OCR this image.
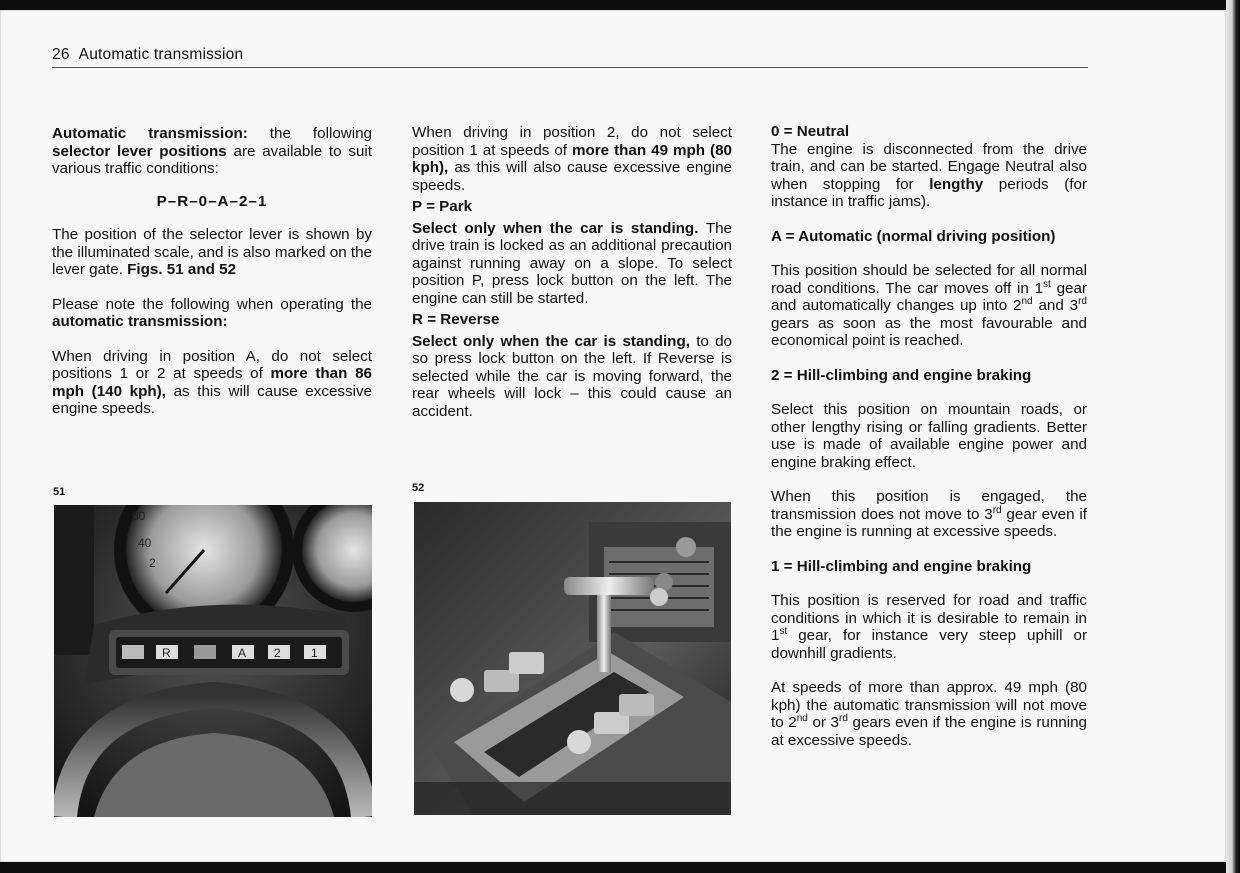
26 Automatic transmission

Automatic transmission: the following selector lever positions are available to suit various traffic conditions:

P–R–0–A–2–1

The position of the selector lever is shown by the illuminated scale, and is also marked on the lever gate. Figs. 51 and 52

Please note the following when operating the automatic transmission:

When driving in position A, do not select positions 1 or 2 at speeds of more than 86 mph (140 kph), as this will cause excessive engine speeds.

When driving in position 2, do not select position 1 at speeds of more than 49 mph (80 kph), as this will also cause excessive engine speeds.

P = Park

Select only when the car is standing. The drive train is locked as an additional precaution against running away on a slope. To select position P, press lock button on the left. The engine can still be started.

R = Reverse

Select only when the car is standing, to do so press lock button on the left. If Reverse is selected while the car is moving forward, the rear wheels will lock – this could cause an accident.

0 = Neutral

The engine is disconnected from the drive train, and can be started. Engage Neutral also when stopping for lengthy periods (for instance in traffic jams).

A = Automatic (normal driving position)

This position should be selected for all normal road conditions. The car moves off in 1st gear and automatically changes up into 2nd and 3rd gears as soon as the most favourable and economical point is reached.

2 = Hill-climbing and engine braking

Select this position on mountain roads, or other lengthy rising or falling gradients. Better use is made of available engine power and engine braking effect.

When this position is engaged, the transmission does not move to 3rd gear even if the engine is running at excessive speeds.

1 = Hill-climbing and engine braking

This position is reserved for road and traffic conditions in which it is desirable to remain in 1st gear, for instance very steep uphill or downhill gradients.

At speeds of more than approx. 49 mph (80 kph) the automatic transmission will not move to 2nd or 3rd gears even if the engine is running at excessive speeds.

51	52
60
40
2
R	A 2	1
